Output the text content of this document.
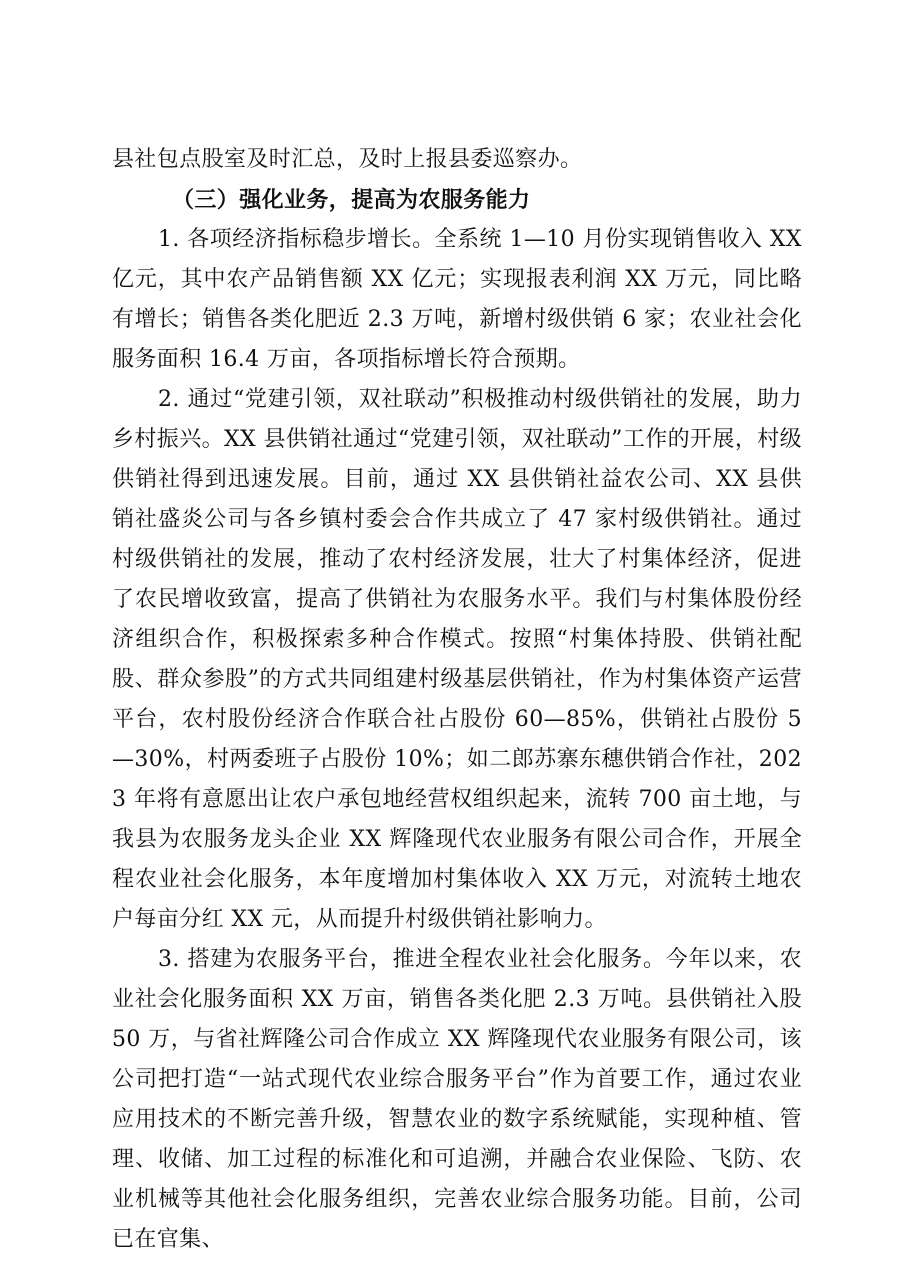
县社包点股室及时汇总，及时上报县委巡察办。

（三）强化业务，提高为农服务能力

1. 各项经济指标稳步增长。全系统 1—10 月份实现销售收入 XX 亿元，其中农产品销售额 XX 亿元；实现报表利润 XX 万元，同比略有增长；销售各类化肥近 2.3 万吨，新增村级供销 6 家；农业社会化服务面积 16.4 万亩，各项指标增长符合预期。

2. 通过“党建引领，双社联动”积极推动村级供销社的发展，助力乡村振兴。XX 县供销社通过“党建引领，双社联动”工作的开展，村级供销社得到迅速发展。目前，通过 XX 县供销社益农公司、XX 县供销社盛炎公司与各乡镇村委会合作共成立了 47 家村级供销社。通过村级供销社的发展，推动了农村经济发展，壮大了村集体经济，促进了农民增收致富，提高了供销社为农服务水平。我们与村集体股份经济组织合作，积极探索多种合作模式。按照“村集体持股、供销社配股、群众参股”的方式共同组建村级基层供销社，作为村集体资产运营平台，农村股份经济合作联合社占股份 60—85%，供销社占股份 5—30%，村两委班子占股份 10%；如二郎苏寨东穗供销合作社，2023 年将有意愿出让农户承包地经营权组织起来，流转 700 亩土地，与我县为农服务龙头企业 XX 辉隆现代农业服务有限公司合作，开展全程农业社会化服务，本年度增加村集体收入 XX 万元，对流转土地农户每亩分红 XX 元，从而提升村级供销社影响力。

3. 搭建为农服务平台，推进全程农业社会化服务。今年以来，农业社会化服务面积 XX 万亩，销售各类化肥 2.3 万吨。县供销社入股 50 万，与省社辉隆公司合作成立 XX 辉隆现代农业服务有限公司，该公司把打造“一站式现代农业综合服务平台”作为首要工作，通过农业应用技术的不断完善升级，智慧农业的数字系统赋能，实现种植、管理、收储、加工过程的标准化和可追溯，并融合农业保险、飞防、农业机械等其他社会化服务组织，完善农业综合服务功能。目前，公司已在官集、
